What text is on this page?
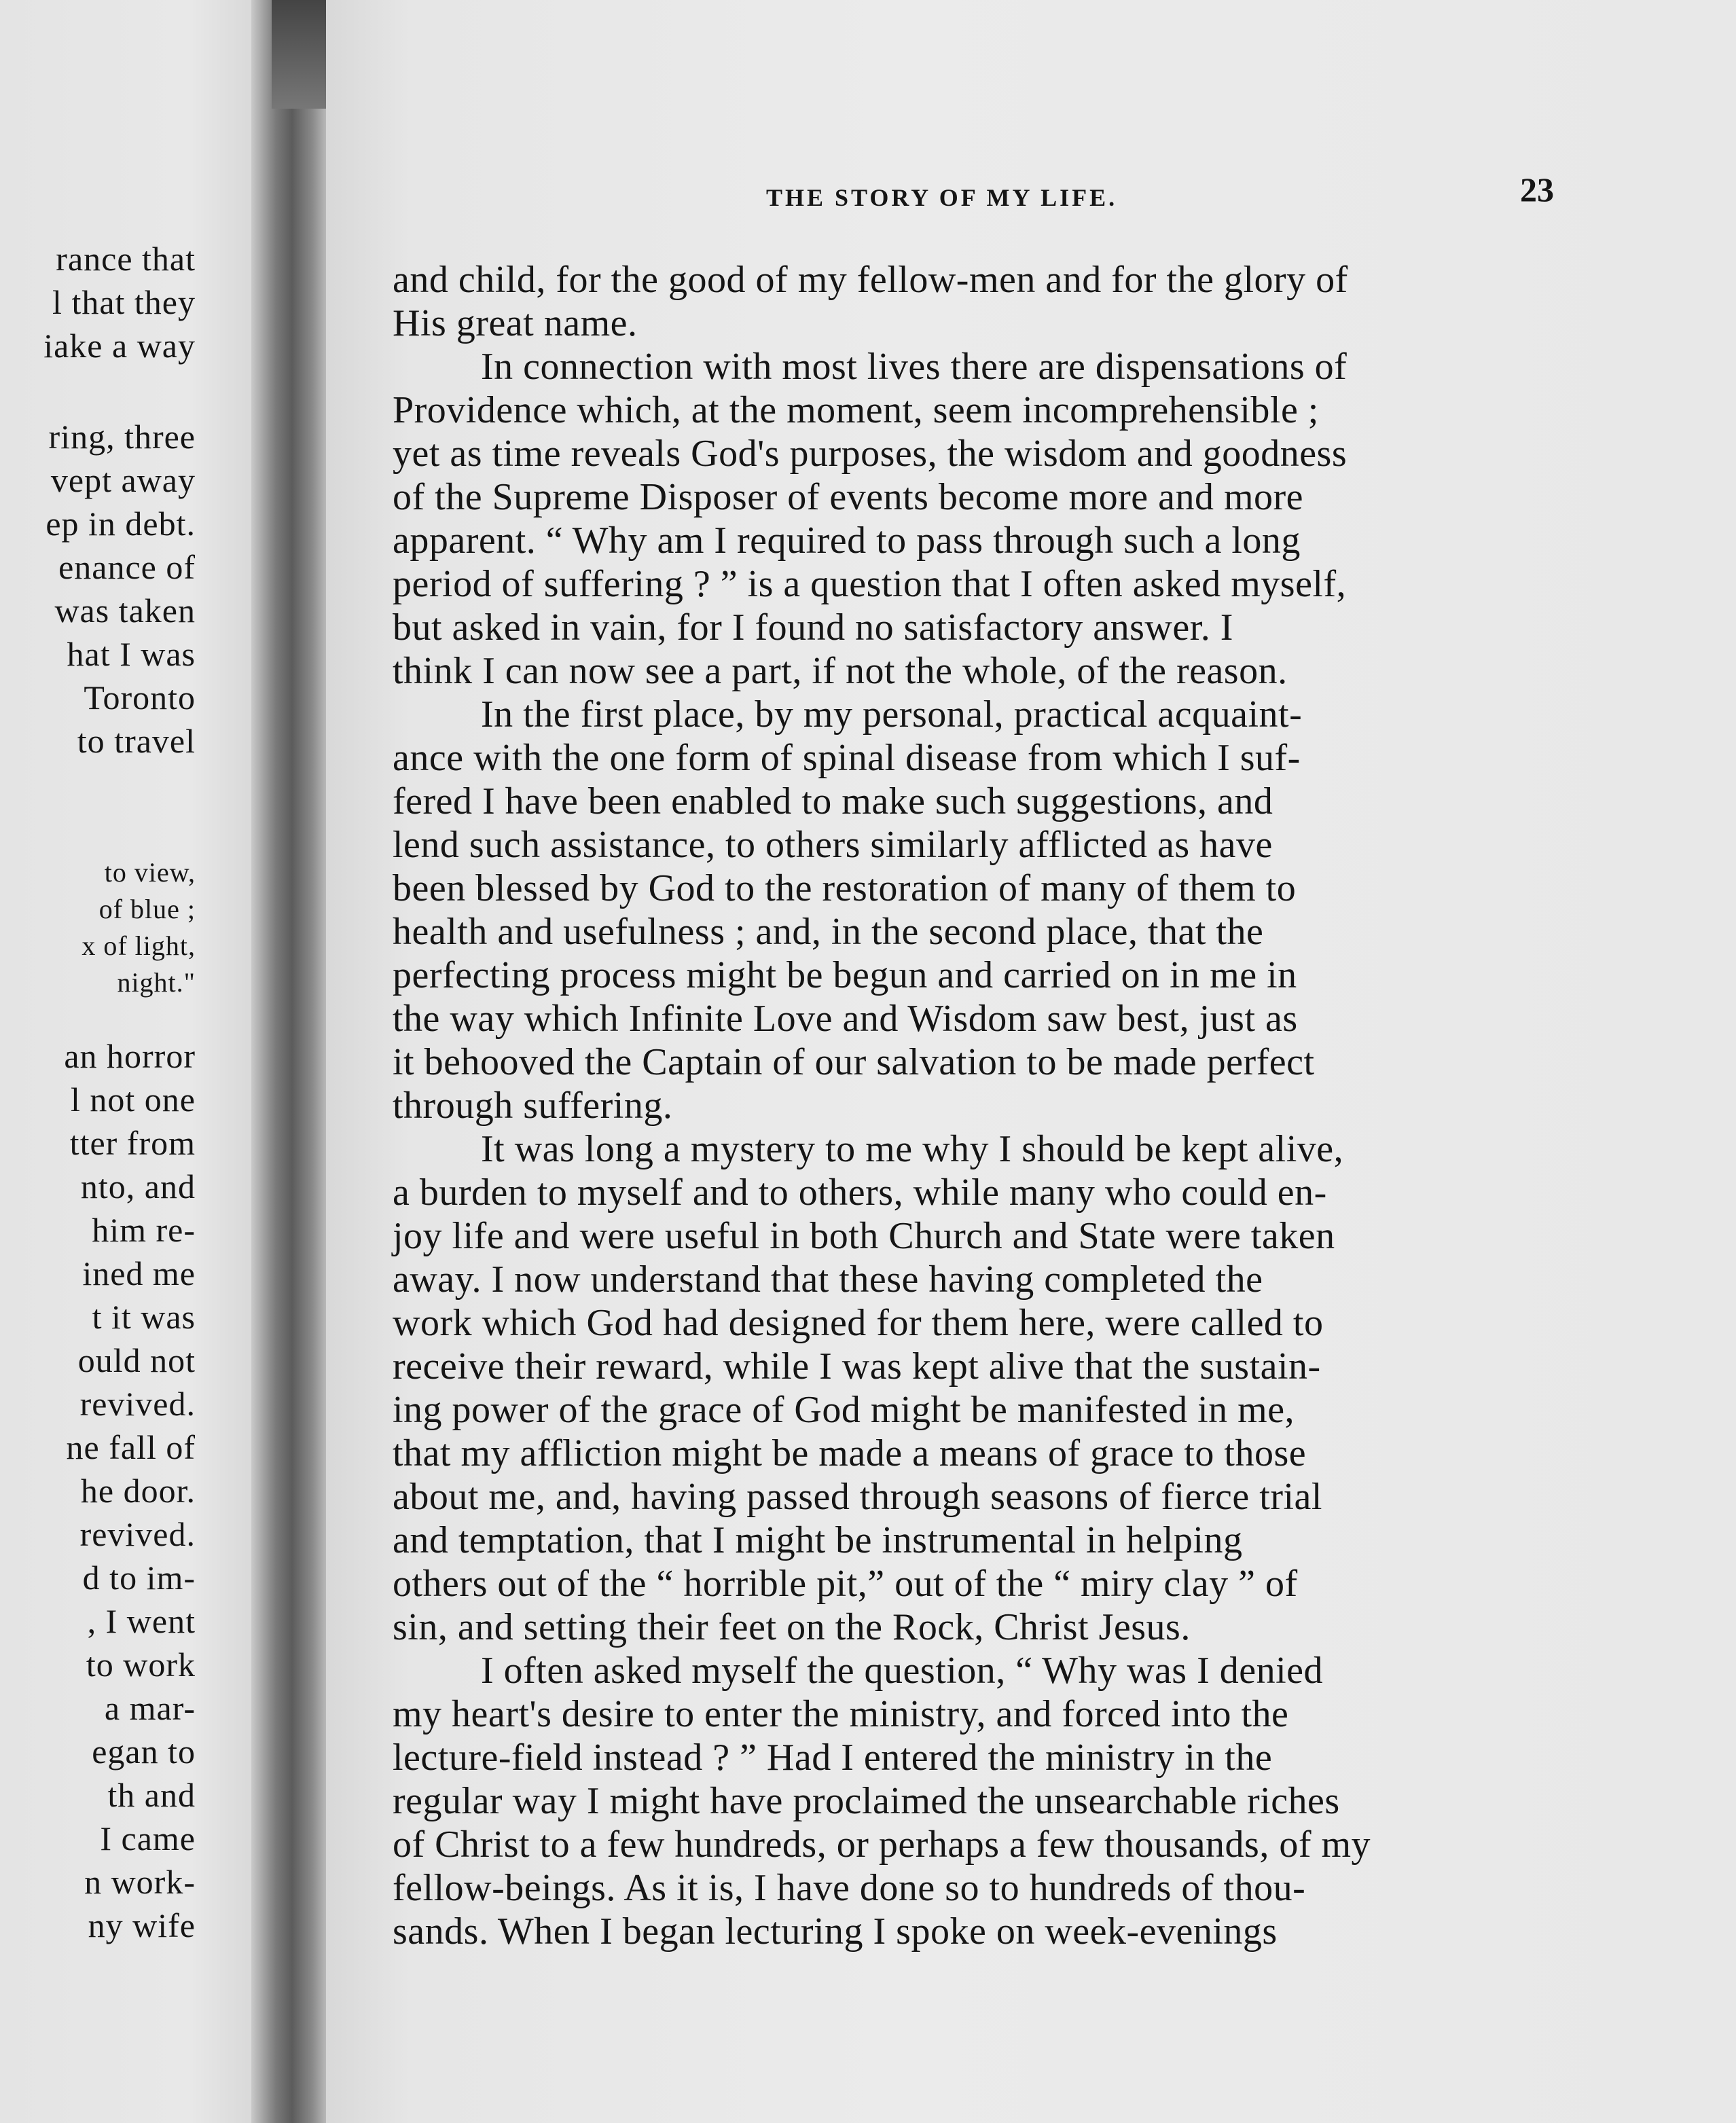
rance that
l that they
iake a way
ring, three
vept away
ep in debt.
enance of
was taken
hat I was
Toronto
to travel
to view,
of blue ;
x of light,
night."
an horror
l not one
tter from
nto, and
him re-
ined me
t it was
ould not
revived.
ne fall of
he door.
revived.
d to im-
, I went
to work
a mar-
egan to
th and
I came
n work-
ny wife
THE STORY OF MY LIFE.	23
and child, for the good of my fellow-men and for the glory of
His great name.
In connection with most lives there are dispensations of
Providence which, at the moment, seem incomprehensible ;
yet as time reveals God's purposes, the wisdom and goodness
of the Supreme Disposer of events become more and more
apparent. “ Why am I required to pass through such a long
period of suffering ? ” is a question that I often asked myself,
but asked in vain, for I found no satisfactory answer. I
think I can now see a part, if not the whole, of the reason.
In the first place, by my personal, practical acquaint-
ance with the one form of spinal disease from which I suf-
fered I have been enabled to make such suggestions, and
lend such assistance, to others similarly afflicted as have
been blessed by God to the restoration of many of them to
health and usefulness ; and, in the second place, that the
perfecting process might be begun and carried on in me in
the way which Infinite Love and Wisdom saw best, just as
it behooved the Captain of our salvation to be made perfect
through suffering.
It was long a mystery to me why I should be kept alive,
a burden to myself and to others, while many who could en-
joy life and were useful in both Church and State were taken
away. I now understand that these having completed the
work which God had designed for them here, were called to
receive their reward, while I was kept alive that the sustain-
ing power of the grace of God might be manifested in me,
that my affliction might be made a means of grace to those
about me, and, having passed through seasons of fierce trial
and temptation, that I might be instrumental in helping
others out of the “ horrible pit,” out of the “ miry clay ” of
sin, and setting their feet on the Rock, Christ Jesus.
I often asked myself the question, “ Why was I denied
my heart's desire to enter the ministry, and forced into the
lecture-field instead ? ” Had I entered the ministry in the
regular way I might have proclaimed the unsearchable riches
of Christ to a few hundreds, or perhaps a few thousands, of my
fellow-beings. As it is, I have done so to hundreds of thou-
sands. When I began lecturing I spoke on week-evenings
